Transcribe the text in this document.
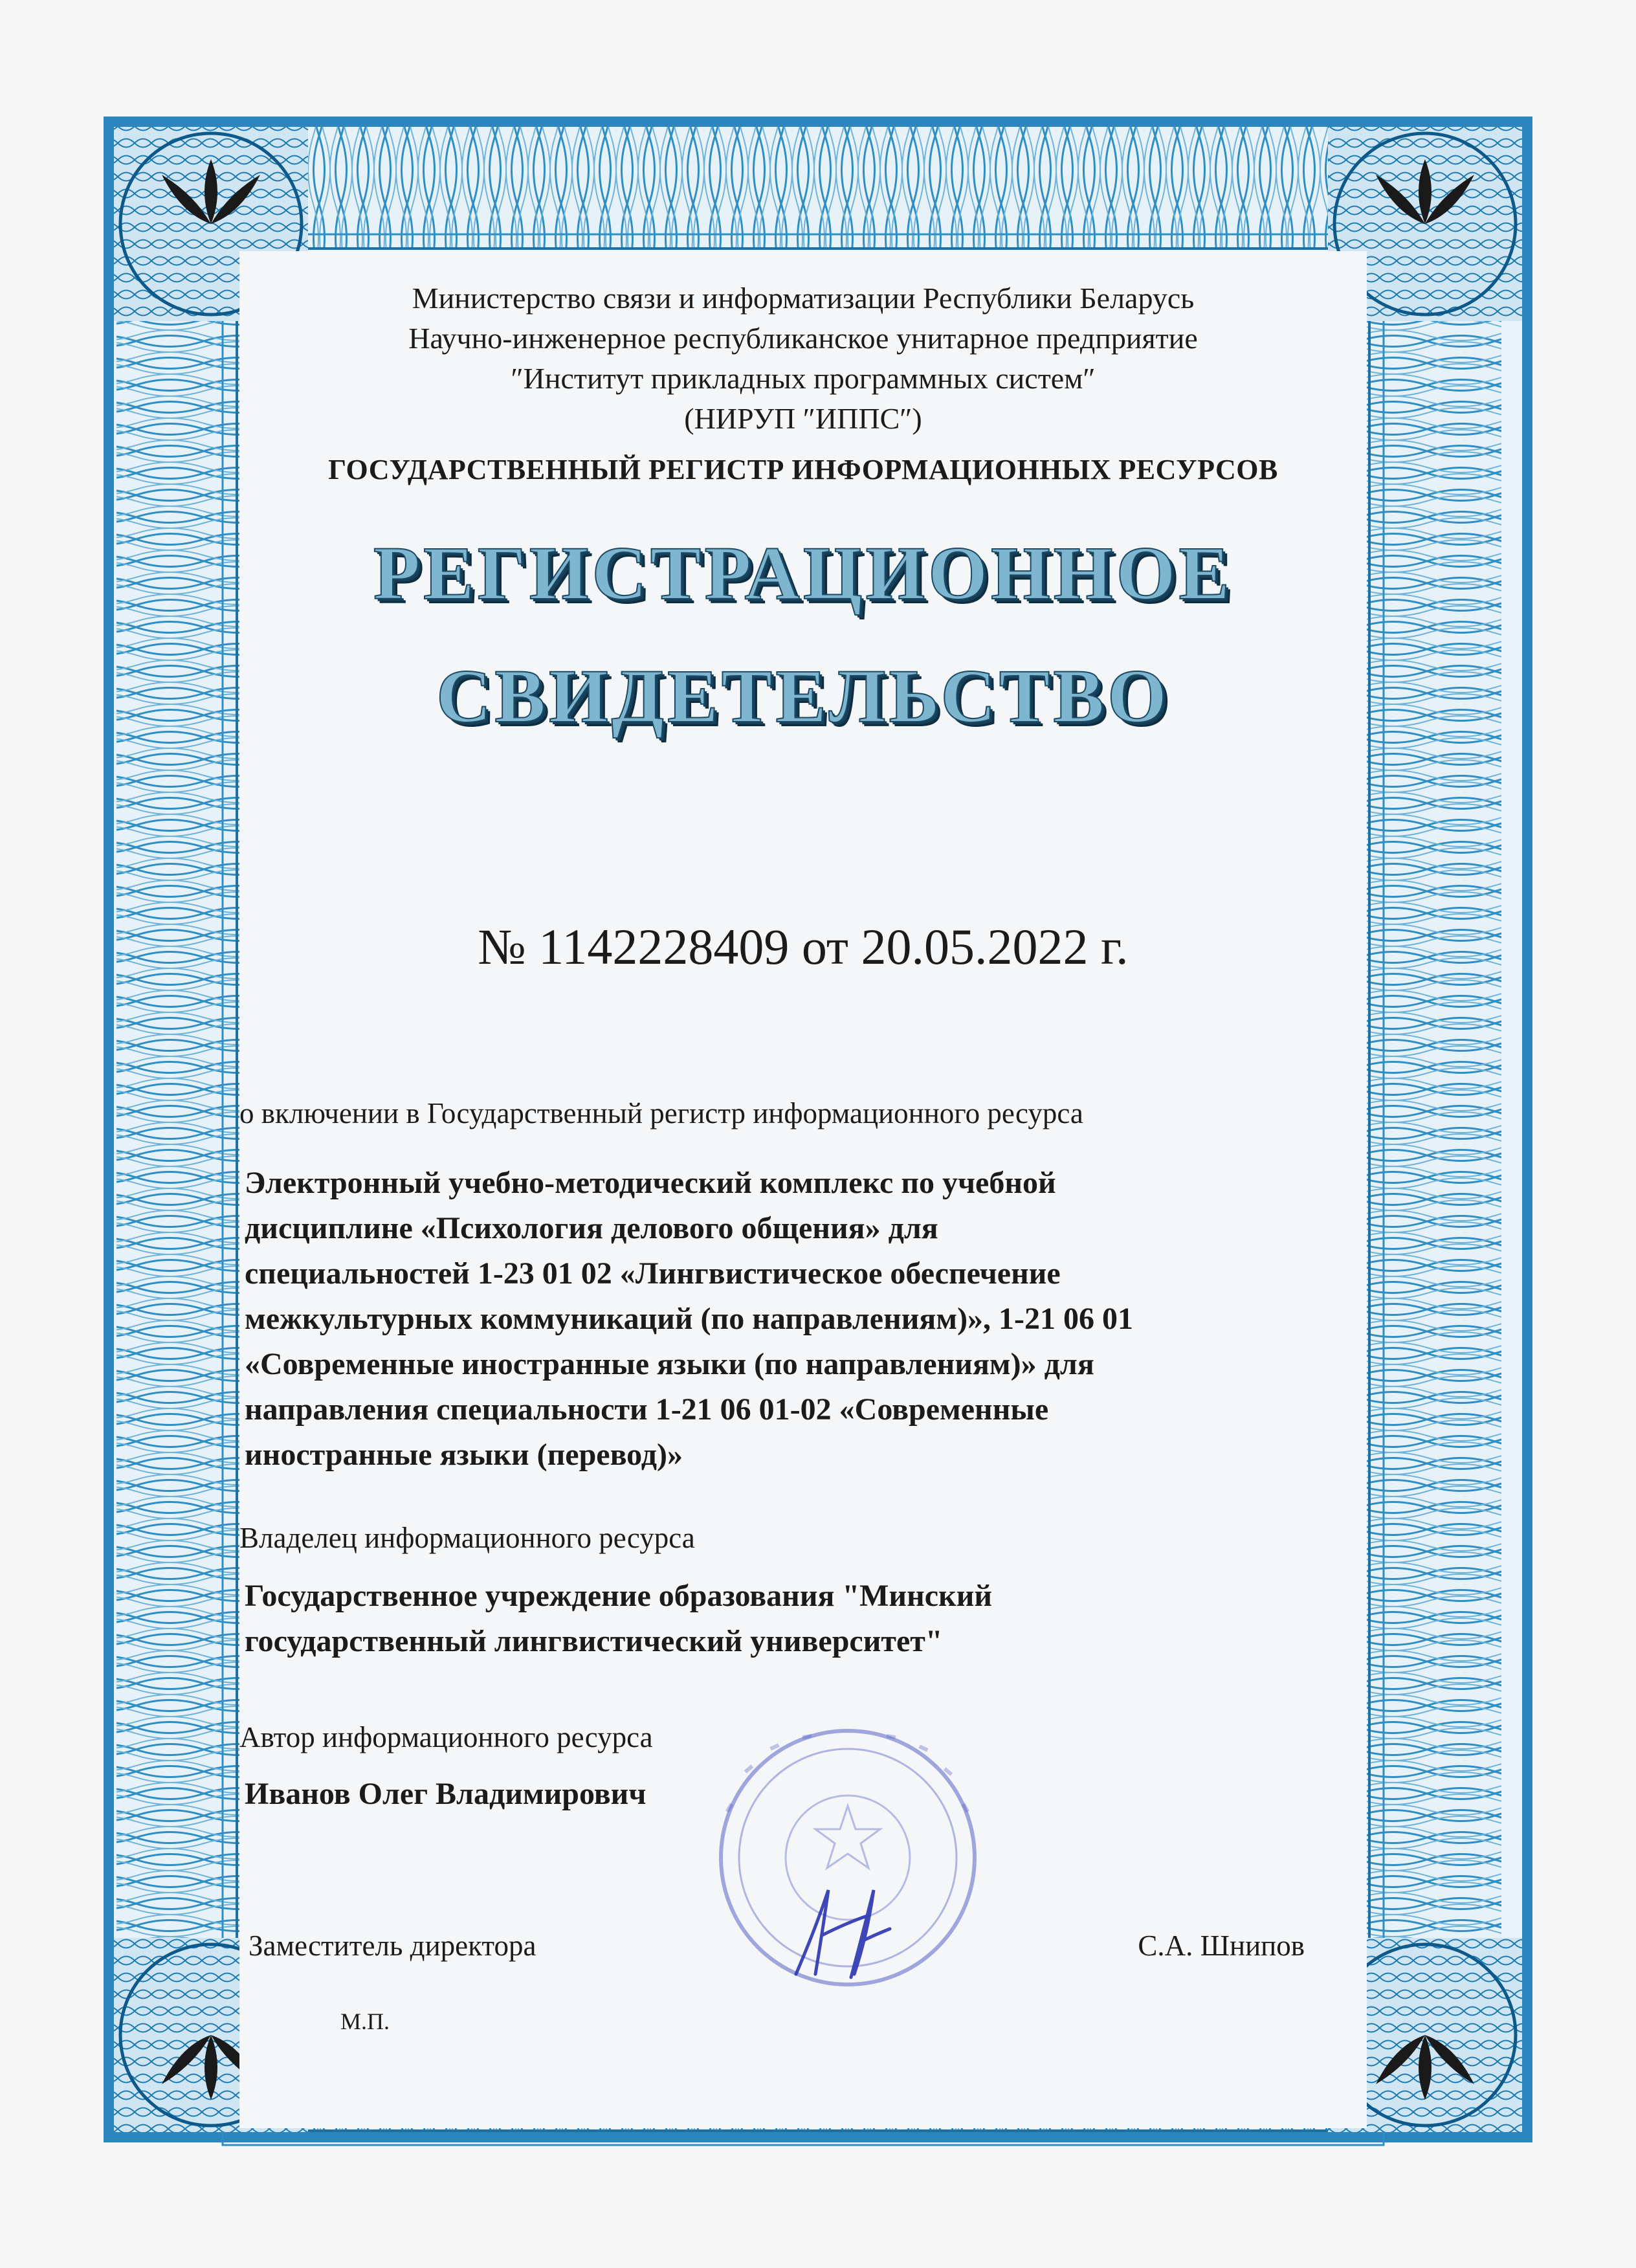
Министерство связи и информатизации Республики Беларусь

Научно-инженерное республиканское унитарное предприятие

″Институт прикладных программных систем″

(НИРУП ″ИППС″)

ГОСУДАРСТВЕННЫЙ РЕГИСТР ИНФОРМАЦИОННЫХ РЕСУРСОВ

РЕГИСТРАЦИОННОЕ

СВИДЕТЕЛЬСТВО

№ 1142228409 от 20.05.2022 г.

о включении в Государственный регистр информационного ресурса

Электронный учебно-методический комплекс по учебной

дисциплине «Психология делового общения» для

специальностей 1-23 01 02 «Лингвистическое обеспечение

межкультурных коммуникаций (по направлениям)», 1-21 06 01

«Современные иностранные языки (по направлениям)» для

направления специальности 1-21 06 01-02 «Современные

иностранные языки (перевод)»

Владелец информационного ресурса

Государственное учреждение образования "Минский

государственный лингвистический университет"

Автор информационного ресурса

Иванов Олег Владимирович

Заместитель директора	С.А. Шнипов

М.П.
